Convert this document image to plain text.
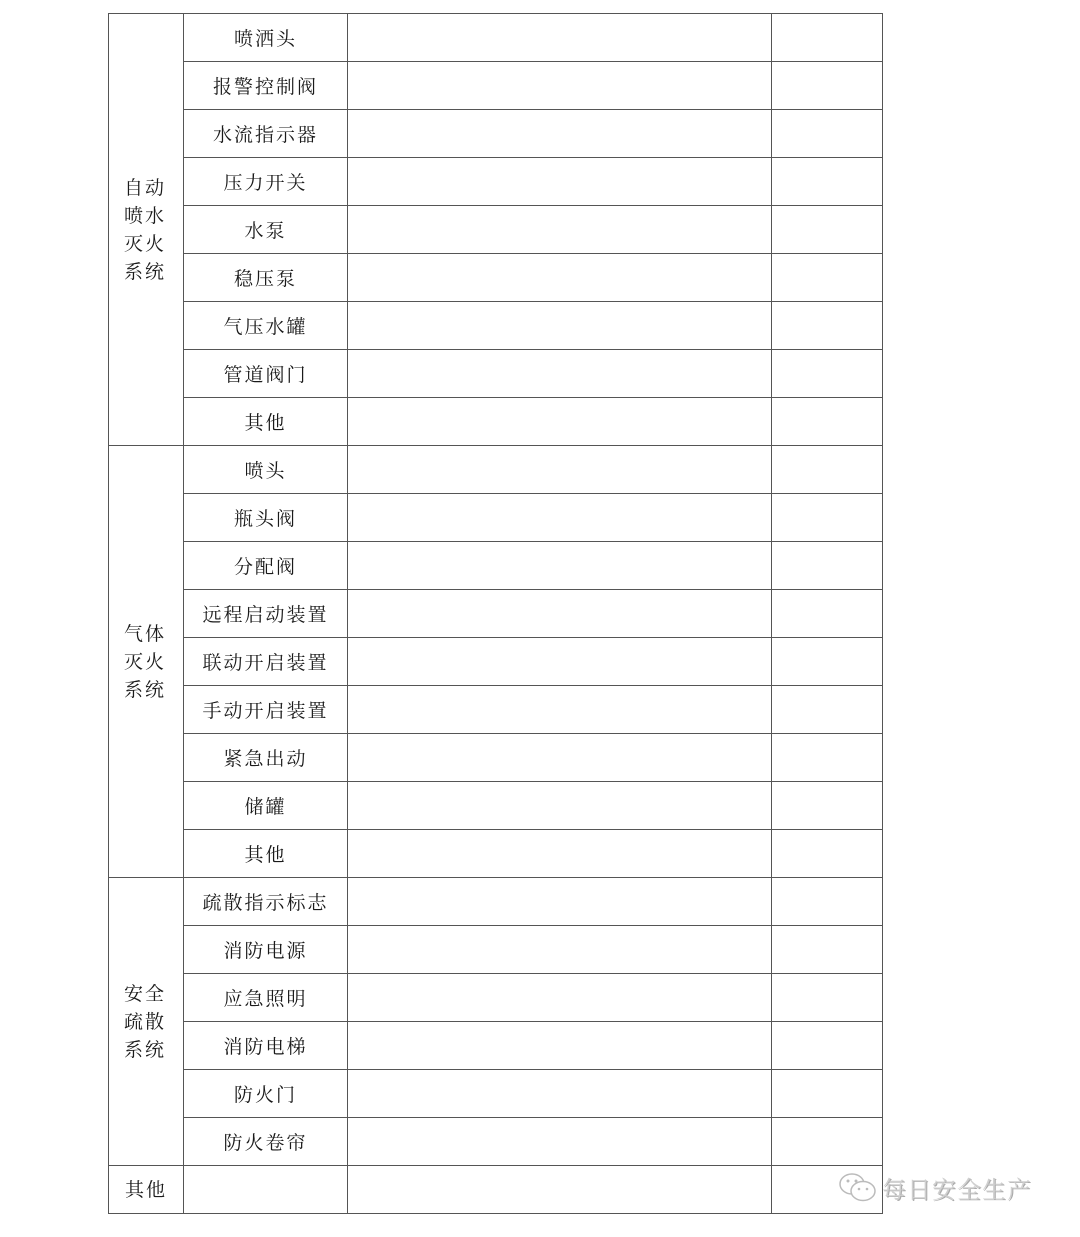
自动喷水灭火系统	喷洒头		
	报警控制阀		
	水流指示器		
	压力开关		
	水泵		
	稳压泵		
	气压水罐		
	管道阀门		
	其他		
气体灭火系统	喷头		
	瓶头阀		
	分配阀		
	远程启动装置		
	联动开启装置		
	手动开启装置		
	紧急出动		
	储罐		
	其他		
安全疏散系统	疏散指示标志		
	消防电源		
	应急照明		
	消防电梯		
	防火门		
	防火卷帘		
其他				每日安全生产
